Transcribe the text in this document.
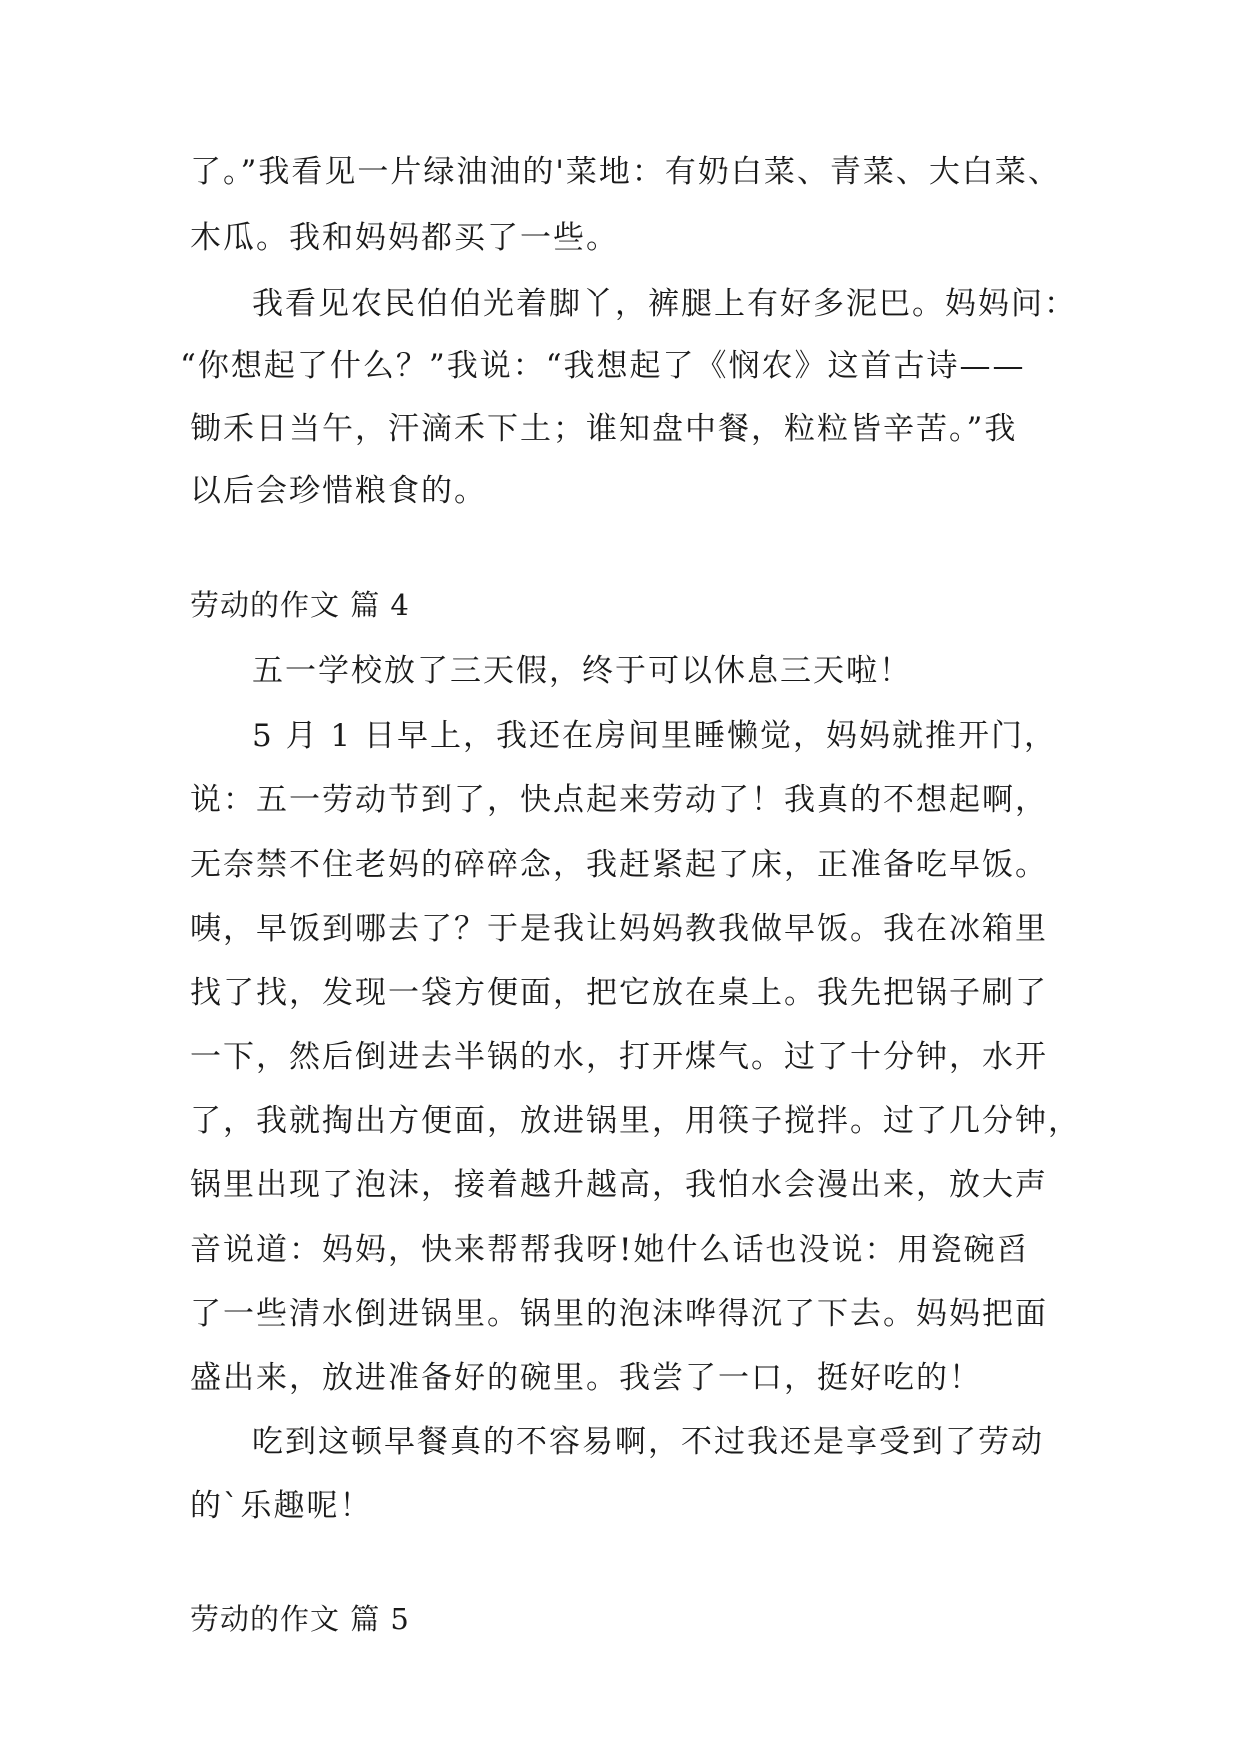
了。”我看见一片绿油油的'菜地：有奶白菜、青菜、大白菜、
木瓜。我和妈妈都买了一些。
我看见农民伯伯光着脚丫，裤腿上有好多泥巴。妈妈问：
“你想起了什么？”我说：“我想起了《悯农》这首古诗——
锄禾日当午，汗滴禾下土；谁知盘中餐，粒粒皆辛苦。”我
以后会珍惜粮食的。
劳动的作文 篇 4
五一学校放了三天假，终于可以休息三天啦！
5 月 1 日早上，我还在房间里睡懒觉，妈妈就推开门，
说：五一劳动节到了，快点起来劳动了！我真的不想起啊，
无奈禁不住老妈的碎碎念，我赶紧起了床，正准备吃早饭。
咦，早饭到哪去了？于是我让妈妈教我做早饭。我在冰箱里
找了找，发现一袋方便面，把它放在桌上。我先把锅子刷了
一下，然后倒进去半锅的水，打开煤气。过了十分钟，水开
了，我就掏出方便面，放进锅里，用筷子搅拌。过了几分钟，
锅里出现了泡沫，接着越升越高，我怕水会漫出来，放大声
音说道：妈妈，快来帮帮我呀!她什么话也没说：用瓷碗舀
了一些清水倒进锅里。锅里的泡沫哗得沉了下去。妈妈把面
盛出来，放进准备好的碗里。我尝了一口，挺好吃的！
吃到这顿早餐真的不容易啊，不过我还是享受到了劳动
的`乐趣呢！
劳动的作文 篇 5
